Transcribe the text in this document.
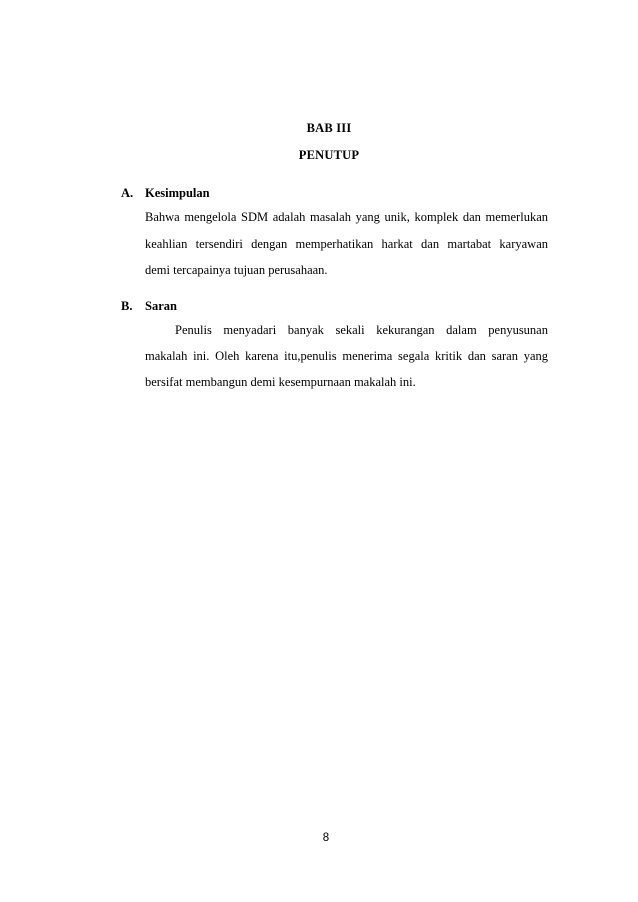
BAB III
PENUTUP
A. Kesimpulan
Bahwa mengelola SDM adalah masalah yang unik, komplek dan memerlukan
keahlian tersendiri dengan memperhatikan harkat dan martabat karyawan
demi tercapainya tujuan perusahaan.
B. Saran
Penulis menyadari banyak sekali kekurangan dalam penyusunan
makalah ini. Oleh karena itu,penulis menerima segala kritik dan saran yang
bersifat membangun demi kesempurnaan makalah ini.
8
